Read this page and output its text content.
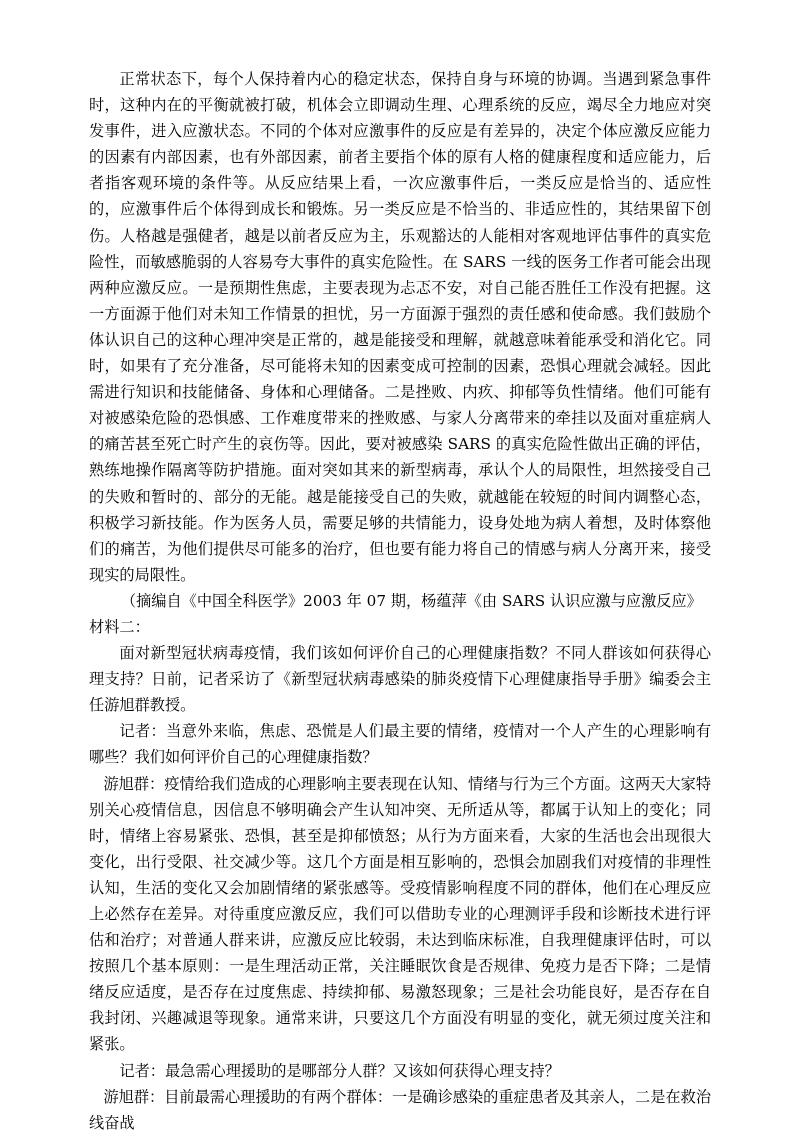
正常状态下，每个人保持着内心的稳定状态，保持自身与环境的协调。当遇到紧急事件时，这种内在的平衡就被打破，机体会立即调动生理、心理系统的反应，竭尽全力地应对突发事件，进入应激状态。不同的个体对应激事件的反应是有差异的，决定个体应激反应能力的因素有内部因素，也有外部因素，前者主要指个体的原有人格的健康程度和适应能力，后者指客观环境的条件等。从反应结果上看，一次应激事件后，一类反应是恰当的、适应性的，应激事件后个体得到成长和锻炼。另一类反应是不恰当的、非适应性的，其结果留下创伤。人格越是强健者，越是以前者反应为主，乐观豁达的人能相对客观地评估事件的真实危险性，而敏感脆弱的人容易夸大事件的真实危险性。在 SARS 一线的医务工作者可能会出现两种应激反应。一是预期性焦虑，主要表现为忐忑不安，对自己能否胜任工作没有把握。这一方面源于他们对未知工作情景的担忧，另一方面源于强烈的责任感和使命感。我们鼓励个体认识自己的这种心理冲突是正常的，越是能接受和理解，就越意味着能承受和消化它。同时，如果有了充分准备，尽可能将未知的因素变成可控制的因素，恐惧心理就会减轻。因此需进行知识和技能储备、身体和心理储备。二是挫败、内疚、抑郁等负性情绪。他们可能有对被感染危险的恐惧感、工作难度带来的挫败感、与家人分离带来的牵挂以及面对重症病人的痛苦甚至死亡时产生的哀伤等。因此，要对被感染 SARS 的真实危险性做出正确的评估，熟练地操作隔离等防护措施。面对突如其来的新型病毒，承认个人的局限性，坦然接受自己的失败和暂时的、部分的无能。越是能接受自己的失败，就越能在较短的时间内调整心态，积极学习新技能。作为医务人员，需要足够的共情能力，设身处地为病人着想，及时体察他们的痛苦，为他们提供尽可能多的治疗，但也要有能力将自己的情感与病人分离开来，接受现实的局限性。

（摘编自《中国全科医学》2003 年 07 期，杨蕴萍《由 SARS 认识应激与应激反应》

材料二：

面对新型冠状病毒疫情，我们该如何评价自己的心理健康指数？不同人群该如何获得心理支持？日前，记者采访了《新型冠状病毒感染的肺炎疫情下心理健康指导手册》编委会主任游旭群教授。

记者：当意外来临，焦虑、恐慌是人们最主要的情绪，疫情对一个人产生的心理影响有哪些？我们如何评价自己的心理健康指数？

游旭群：疫情给我们造成的心理影响主要表现在认知、情绪与行为三个方面。这两天大家特别关心疫情信息，因信息不够明确会产生认知冲突、无所适从等，都属于认知上的变化；同时，情绪上容易紧张、恐惧，甚至是抑郁愤怒；从行为方面来看，大家的生活也会出现很大变化，出行受限、社交减少等。这几个方面是相互影响的，恐惧会加剧我们对疫情的非理性认知，生活的变化又会加剧情绪的紧张感等。受疫情影响程度不同的群体，他们在心理反应上必然存在差异。对待重度应激反应，我们可以借助专业的心理测评手段和诊断技术进行评估和治疗；对普通人群来讲，应激反应比较弱，未达到临床标准，自我理健康评估时，可以按照几个基本原则：一是生理活动正常，关注睡眠饮食是否规律、免疫力是否下降；二是情绪反应适度，是否存在过度焦虑、持续抑郁、易激怒现象；三是社会功能良好，是否存在自我封闭、兴趣减退等现象。通常来讲，只要这几个方面没有明显的变化，就无须过度关注和紧张。

记者：最急需心理援助的是哪部分人群？又该如何获得心理支持？

游旭群：目前最需心理援助的有两个群体：一是确诊感染的重症患者及其亲人，二是在救治线奋战
